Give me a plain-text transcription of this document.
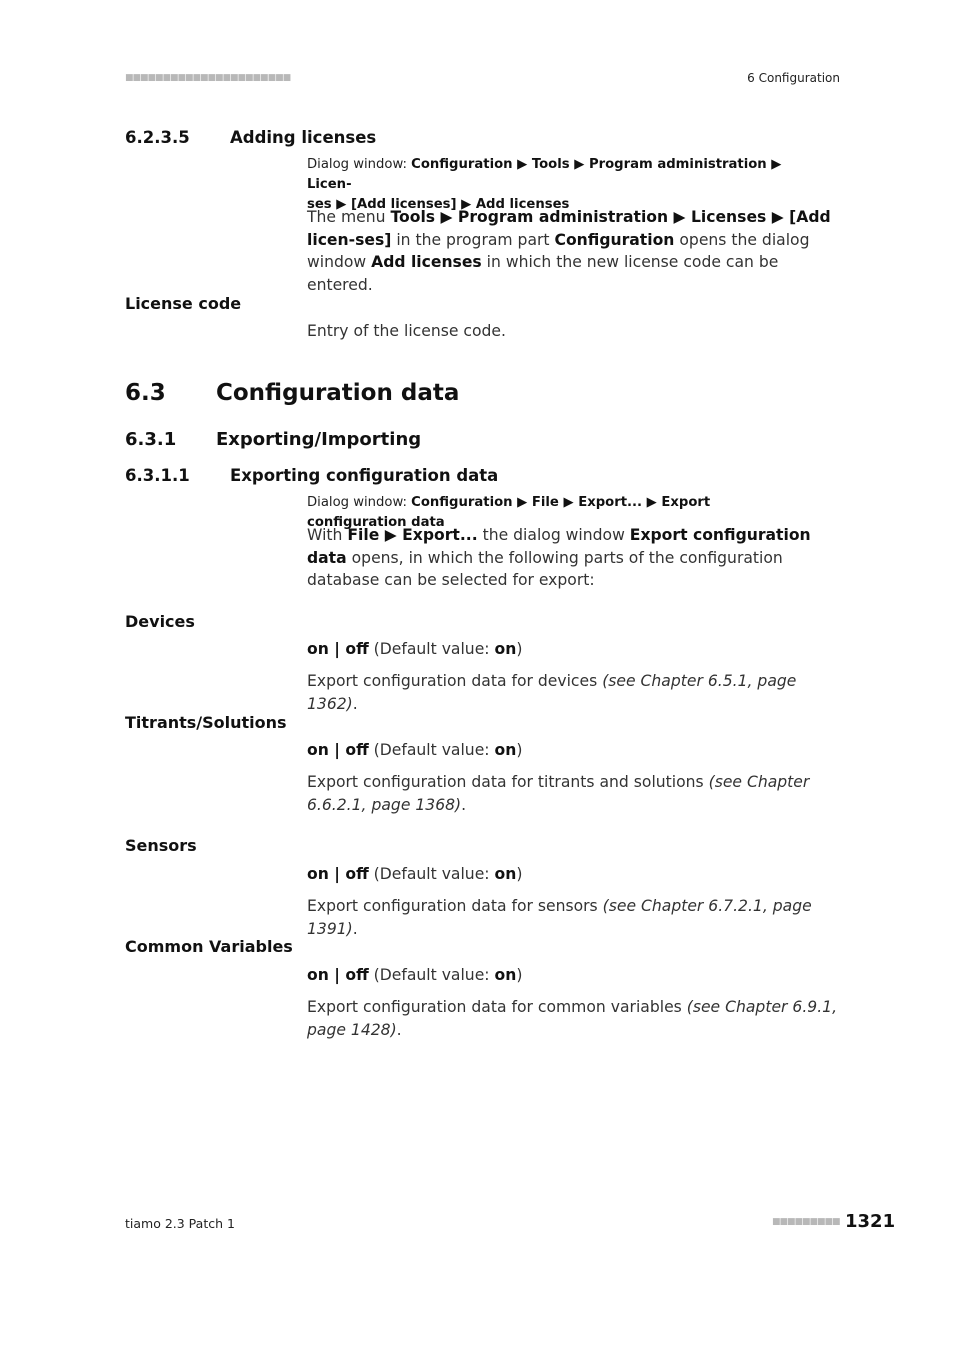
■■■■■■■■■■■■■■■■■■■■■■	6 Configuration
6.2.3.5 Adding licenses
Dialog window: Configuration ▶ Tools ▶ Program administration ▶ Licen-
ses ▶ [Add licenses] ▶ Add licenses
The menu Tools ▶ Program administration ▶ Licenses ▶ [Add licen-ses] in the program part Configuration opens the dialog window Add licenses in which the new license code can be entered.
License code
Entry of the license code.
6.3 Configuration data
6.3.1 Exporting/Importing
6.3.1.1 Exporting configuration data
Dialog window: Configuration ▶ File ▶ Export... ▶ Export configuration data
With File ▶ Export... the dialog window Export configuration data opens, in which the following parts of the configuration database can be selected for export:
Devices
on | off (Default value: on)
Export configuration data for devices (see Chapter 6.5.1, page 1362).
Titrants/Solutions
on | off (Default value: on)
Export configuration data for titrants and solutions (see Chapter 6.6.2.1, page 1368).
Sensors
on | off (Default value: on)
Export configuration data for sensors (see Chapter 6.7.2.1, page 1391).
Common Variables
on | off (Default value: on)
Export configuration data for common variables (see Chapter 6.9.1, page 1428).
tiamo 2.3 Patch 1	■■■■■■■■■ 1321
